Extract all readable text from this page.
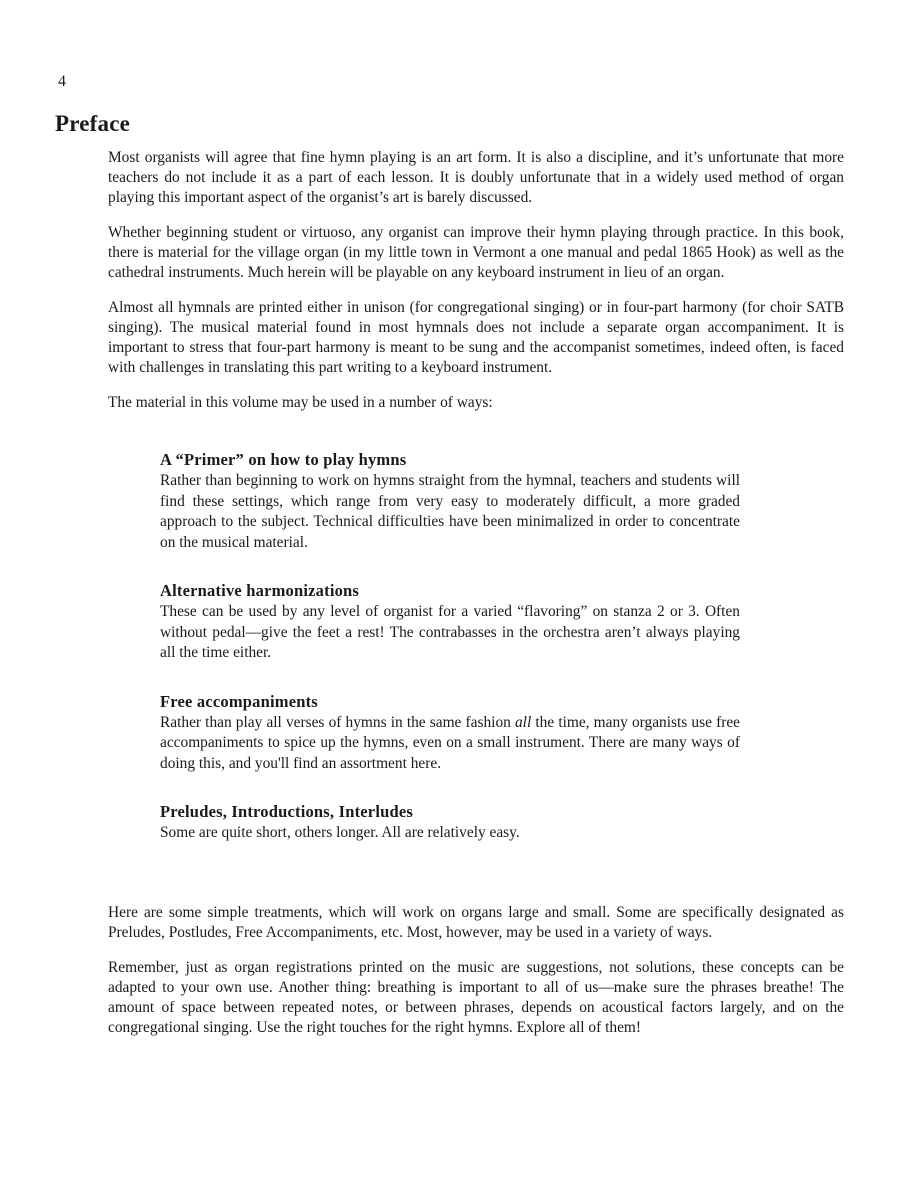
4
Preface

Most organists will agree that fine hymn playing is an art form. It is also a discipline, and it’s unfortunate that more teachers do not include it as a part of each lesson. It is doubly unfortunate that in a widely used method of organ playing this important aspect of the organist’s art is barely discussed.

Whether beginning student or virtuoso, any organist can improve their hymn playing through practice. In this book, there is material for the village organ (in my little town in Vermont a one manual and pedal 1865 Hook) as well as the cathedral instruments. Much herein will be playable on any keyboard instrument in lieu of an organ.

Almost all hymnals are printed either in unison (for congregational singing) or in four-part harmony (for choir SATB singing). The musical material found in most hymnals does not include a separate organ accompaniment. It is important to stress that four-part harmony is meant to be sung and the accompanist sometimes, indeed often, is faced with challenges in translating this part writing to a keyboard instrument.

The material in this volume may be used in a number of ways:

A “Primer” on how to play hymns

Rather than beginning to work on hymns straight from the hymnal, teachers and students will find these settings, which range from very easy to moderately difficult, a more graded approach to the subject. Technical difficulties have been minimalized in order to concentrate on the musical material.

Alternative harmonizations

These can be used by any level of organist for a varied “flavoring” on stanza 2 or 3. Often without pedal—give the feet a rest! The contrabasses in the orchestra aren’t always playing all the time either.

Free accompaniments

Rather than play all verses of hymns in the same fashion all the time, many organists use free accompaniments to spice up the hymns, even on a small instrument. There are many ways of doing this, and you'll find an assortment here.

Preludes, Introductions, Interludes

Some are quite short, others longer. All are relatively easy.

Here are some simple treatments, which will work on organs large and small. Some are specifically designated as Preludes, Postludes, Free Accompaniments, etc. Most, however, may be used in a variety of ways.

Remember, just as organ registrations printed on the music are suggestions, not solutions, these concepts can be adapted to your own use. Another thing: breathing is important to all of us—make sure the phrases breathe! The amount of space between repeated notes, or between phrases, depends on acoustical factors largely, and on the congregational singing. Use the right touches for the right hymns. Explore all of them!
